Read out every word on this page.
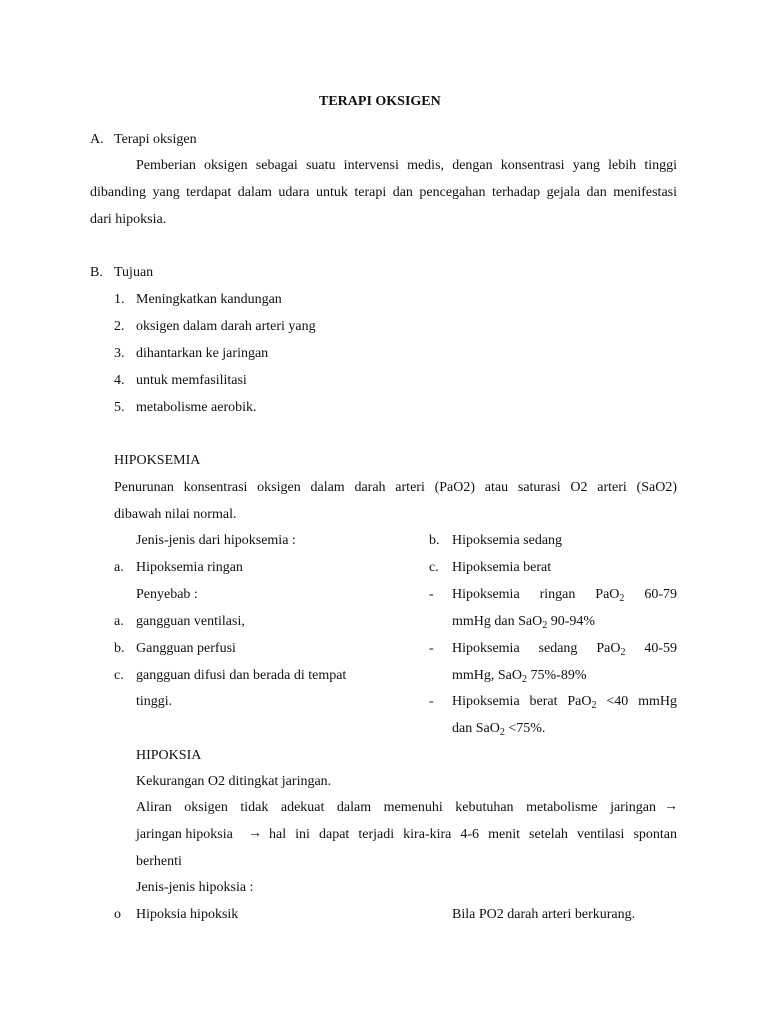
TERAPI OKSIGEN
A. Terapi oksigen
Pemberian oksigen sebagai suatu intervensi medis, dengan konsentrasi yang lebih tinggi
dibanding yang terdapat dalam udara untuk terapi dan pencegahan terhadap gejala dan menifestasi
dari hipoksia.
B. Tujuan
1. Meningkatkan kandungan
2. oksigen dalam darah arteri yang
3. dihantarkan ke jaringan
4. untuk memfasilitasi
5. metabolisme aerobik.
HIPOKSEMIA
Penurunan konsentrasi oksigen dalam darah arteri (PaO2) atau saturasi O2 arteri (SaO2)
dibawah nilai normal.
Jenis-jenis dari hipoksemia :
a. Hipoksemia ringan
Penyebab :
a. gangguan ventilasi,
b. Gangguan perfusi
c. gangguan difusi dan berada di tempat
tinggi.
b. Hipoksemia sedang
c. Hipoksemia berat
- Hipoksemia ringan PaO$_2$ 60-79
mmHg dan SaO$_2$ 90-94%
- Hipoksemia sedang PaO$_2$ 40-59
mmHg, SaO$_2$ 75%-89%
- Hipoksemia berat PaO$_2$ <40 mmHg
dan SaO$_2$ <75%.
HIPOKSIA
Kekurangan O2 ditingkat jaringan.
Aliran oksigen tidak adekuat dalam memenuhi kebutuhan metabolisme jaringan →
jaringan hipoksia → hal ini dapat terjadi kira-kira 4-6 menit setelah ventilasi spontan
berhenti
Jenis-jenis hipoksia :
o Hipoksia hipoksik	Bila PO2 darah arteri berkurang.
